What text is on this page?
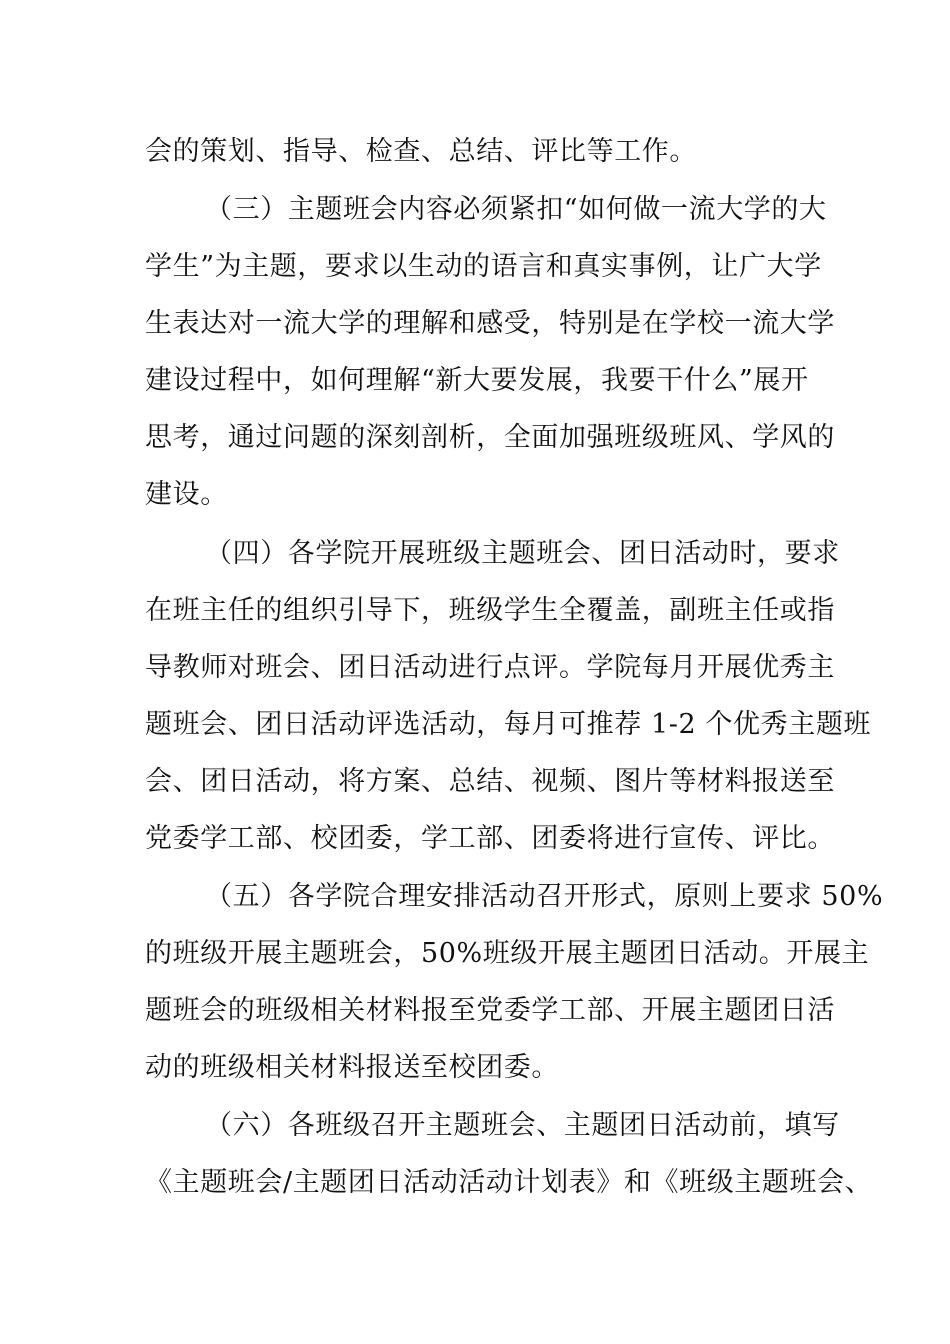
会的策划、指导、检查、总结、评比等工作。

（三）主题班会内容必须紧扣“如何做一流大学的大

学生”为主题，要求以生动的语言和真实事例，让广大学

生表达对一流大学的理解和感受，特别是在学校一流大学

建设过程中，如何理解“新大要发展，我要干什么”展开

思考，通过问题的深刻剖析，全面加强班级班风、学风的

建设。

（四）各学院开展班级主题班会、团日活动时，要求

在班主任的组织引导下，班级学生全覆盖，副班主任或指

导教师对班会、团日活动进行点评。学院每月开展优秀主

题班会、团日活动评选活动，每月可推荐 1-2 个优秀主题班

会、团日活动，将方案、总结、视频、图片等材料报送至

党委学工部、校团委，学工部、团委将进行宣传、评比。

（五）各学院合理安排活动召开形式，原则上要求 50%

的班级开展主题班会，50%班级开展主题团日活动。开展主

题班会的班级相关材料报至党委学工部、开展主题团日活

动的班级相关材料报送至校团委。

（六）各班级召开主题班会、主题团日活动前，填写

《主题班会/主题团日活动活动计划表》和《班级主题班会、
